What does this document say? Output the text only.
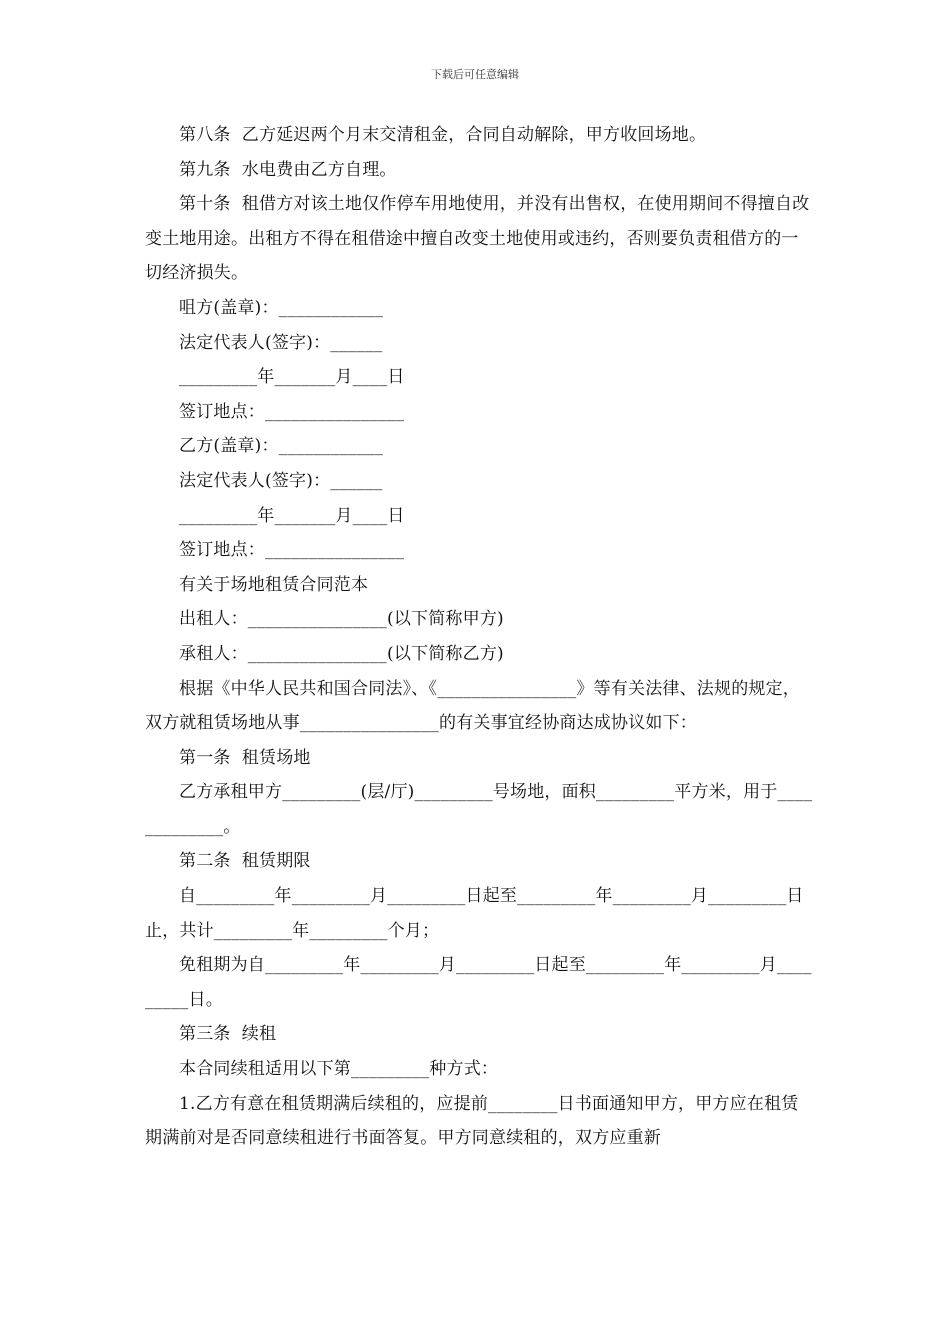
下载后可任意编辑

第八条  乙方延迟两个月末交清租金，合同自动解除，甲方收回场地。

第九条  水电费由乙方自理。

第十条  租借方对该土地仅作停车用地使用，并没有出售权，在使用期间不得擅自改变土地用途。出租方不得在租借途中擅自改变土地使用或违约，否则要负责租借方的一切经济损失。

咀方(盖章)：____________

法定代表人(签字)：______

_________年_______月____日

签订地点：________________

乙方(盖章)：____________

法定代表人(签字)：______

_________年_______月____日

签订地点：________________

有关于场地租赁合同范本

出租人：________________(以下简称甲方)

承租人：________________(以下简称乙方)

根据《中华人民共和国合同法》、《________________》等有关法律、法规的规定，双方就租赁场地从事________________的有关事宜经协商达成协议如下：

第一条  租赁场地

乙方承租甲方_________(层/厅)_________号场地，面积_________平方米，用于_____________。

第二条  租赁期限

自_________年_________月_________日起至_________年_________月_________日止，共计_________年_________个月；

免租期为自_________年_________月_________日起至_________年_________月_________日。

第三条  续租

本合同续租适用以下第_________种方式：

1.乙方有意在租赁期满后续租的，应提前________日书面通知甲方，甲方应在租赁期满前对是否同意续租进行书面答复。甲方同意续租的，双方应重新
